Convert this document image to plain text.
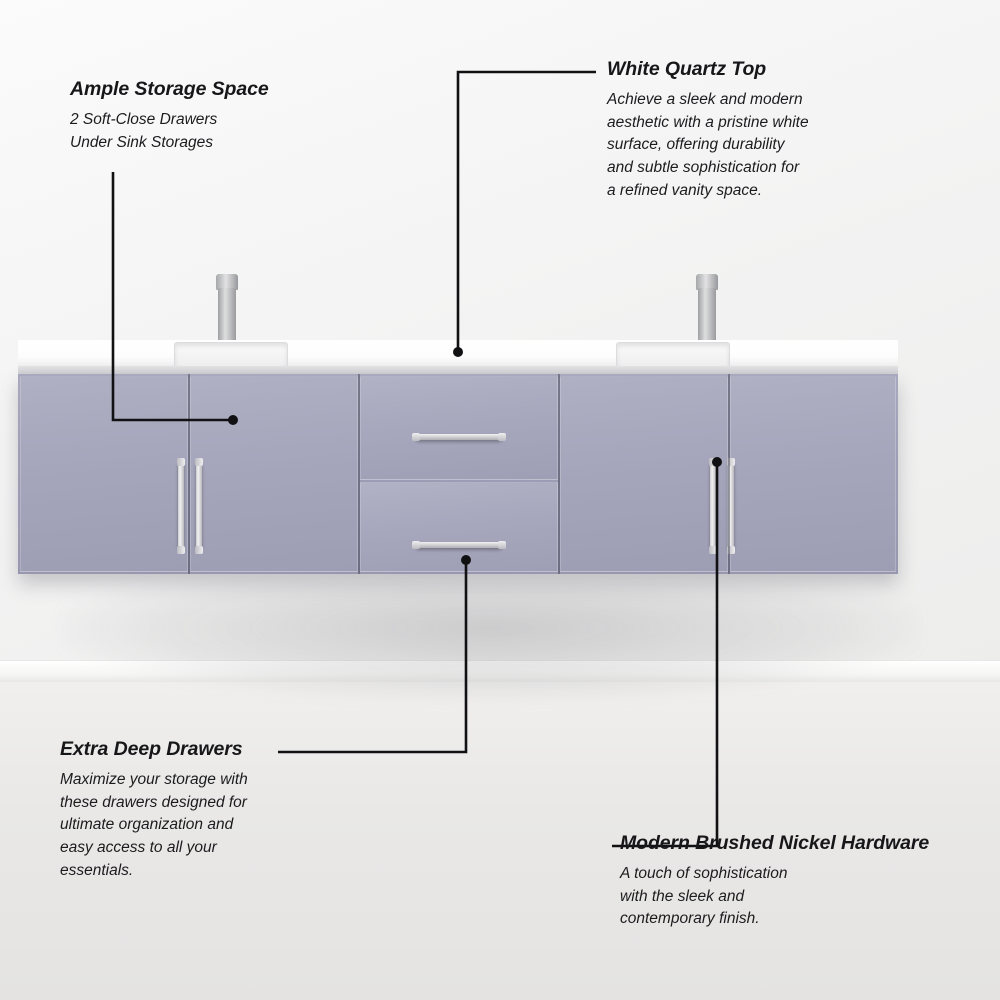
Ample Storage Space

2 Soft-Close Drawers
Under Sink Storages

White Quartz Top

Achieve a sleek and modern
aesthetic with a pristine white
surface, offering durability
and subtle sophistication for
a refined vanity space.

Extra Deep Drawers

Maximize your storage with
these drawers designed for
ultimate organization and
easy access to all your
essentials.

Modern Brushed Nickel Hardware

A touch of sophistication
with the sleek and
contemporary finish.
